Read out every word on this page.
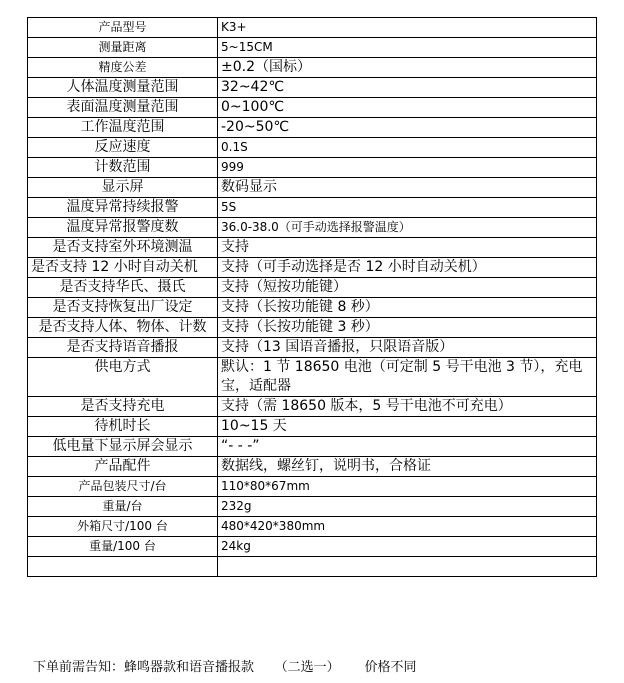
产品型号	K3+
测量距离	5~15CM
精度公差	±0.2（国标）
人体温度测量范围	32~42℃
表面温度测量范围	0~100℃
工作温度范围	-20~50℃
反应速度	0.1S
计数范围	999
显示屏	数码显示
温度异常持续报警	5S
温度异常报警度数	36.0-38.0（可手动选择报警温度）
是否支持室外环境测温	支持
是否支持 12 小时自动关机	支持（可手动选择是否 12 小时自动关机）
是否支持华氏、摄氏	支持（短按功能键）
是否支持恢复出厂设定	支持（长按功能键 8 秒）
是否支持人体、物体、计数	支持（长按功能键 3 秒）
是否支持语音播报	支持（13 国语音播报，只限语音版）
供电方式	默认：1 节 18650 电池（可定制 5 号干电池 3 节），充电宝，适配器
是否支持充电	支持（需 18650 版本，5 号干电池不可充电）
待机时长	10~15 天
低电量下显示屏会显示	“- - -”
产品配件	数据线，螺丝钉，说明书，合格证
产品包装尺寸/台	110*80*67mm
重量/台	232g
外箱尺寸/100 台	480*420*380mm
重量/100 台	24kg

下单前需告知：蜂鸣器款和语音播报款     （二选一）      价格不同
